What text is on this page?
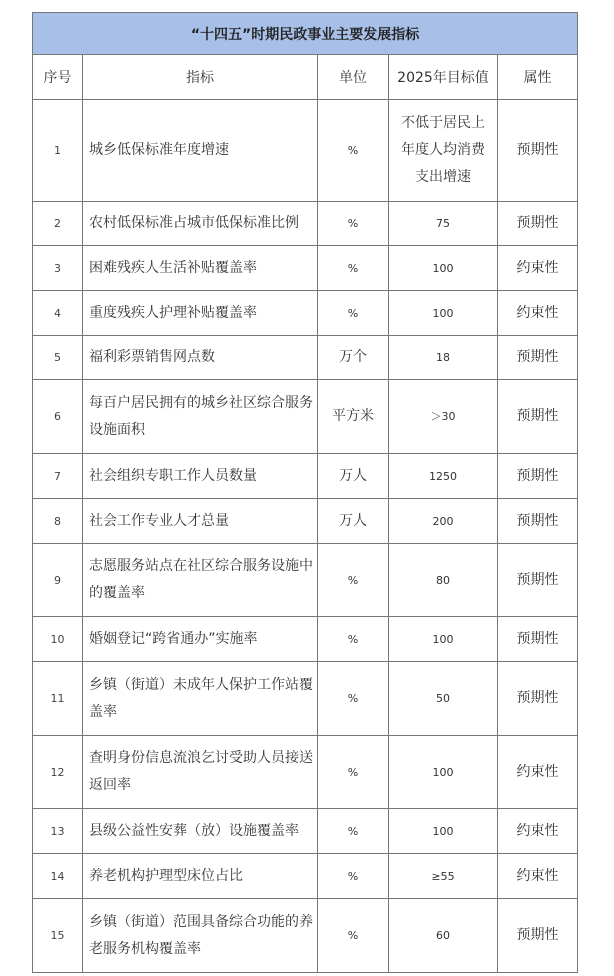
“十四五”时期民政事业主要发展指标				
序号	指标	单位	2025年目标值	属性
1	城乡低保标准年度增速	%	不低于居民上年度人均消费支出增速	预期性
2	农村低保标准占城市低保标准比例	%	75	预期性
3	困难残疾人生活补贴覆盖率	%	100	约束性
4	重度残疾人护理补贴覆盖率	%	100	约束性
5	福利彩票销售网点数	万个	18	预期性
6	每百户居民拥有的城乡社区综合服务设施面积	平方米	＞30	预期性
7	社会组织专职工作人员数量	万人	1250	预期性
8	社会工作专业人才总量	万人	200	预期性
9	志愿服务站点在社区综合服务设施中的覆盖率	%	80	预期性
10	婚姻登记“跨省通办”实施率	%	100	预期性
11	乡镇（街道）未成年人保护工作站覆盖率	%	50	预期性
12	查明身份信息流浪乞讨受助人员接送返回率	%	100	约束性
13	县级公益性安葬（放）设施覆盖率	%	100	约束性
14	养老机构护理型床位占比	%	≥55	约束性
15	乡镇（街道）范围具备综合功能的养老服务机构覆盖率	%	60	预期性
